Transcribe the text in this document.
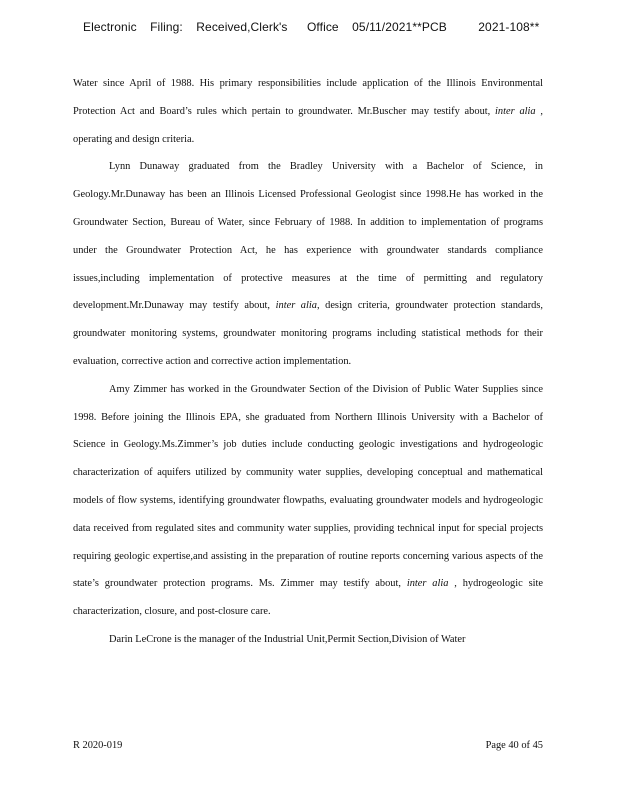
Electronic Filing: Received,Clerk's Office 05/11/2021**PCB	2021-108**

Water since April of 1988. His primary responsibilities include application of the Illinois Environmental Protection Act and Board’s rules which pertain to groundwater. Mr.Buscher may testify about, inter alia , operating and design criteria.

Lynn Dunaway graduated from the Bradley University with a Bachelor of Science, in Geology.Mr.Dunaway has been an Illinois Licensed Professional Geologist since 1998.He has worked in the Groundwater Section, Bureau of Water, since February of 1988. In addition to implementation of programs under the Groundwater Protection Act, he has experience with groundwater standards compliance issues,including implementation of protective measures at the time of permitting and regulatory development.Mr.Dunaway may testify about, inter alia, design criteria, groundwater protection standards, groundwater monitoring systems, groundwater monitoring programs including statistical methods for their evaluation, corrective action and corrective action implementation.

Amy Zimmer has worked in the Groundwater Section of the Division of Public Water Supplies since 1998. Before joining the Illinois EPA, she graduated from Northern Illinois University with a Bachelor of Science in Geology.Ms.Zimmer’s job duties include conducting geologic investigations and hydrogeologic characterization of aquifers utilized by community water supplies, developing conceptual and mathematical models of flow systems, identifying groundwater flowpaths, evaluating groundwater models and hydrogeologic data received from regulated sites and community water supplies, providing technical input for special projects requiring geologic expertise,and assisting in the preparation of routine reports concerning various aspects of the state’s groundwater protection programs. Ms. Zimmer may testify about, inter alia , hydrogeologic site characterization, closure, and post-closure care.

Darin LeCrone is the manager of the Industrial Unit,Permit Section,Division of Water

R 2020-019	Page 40 of 45
